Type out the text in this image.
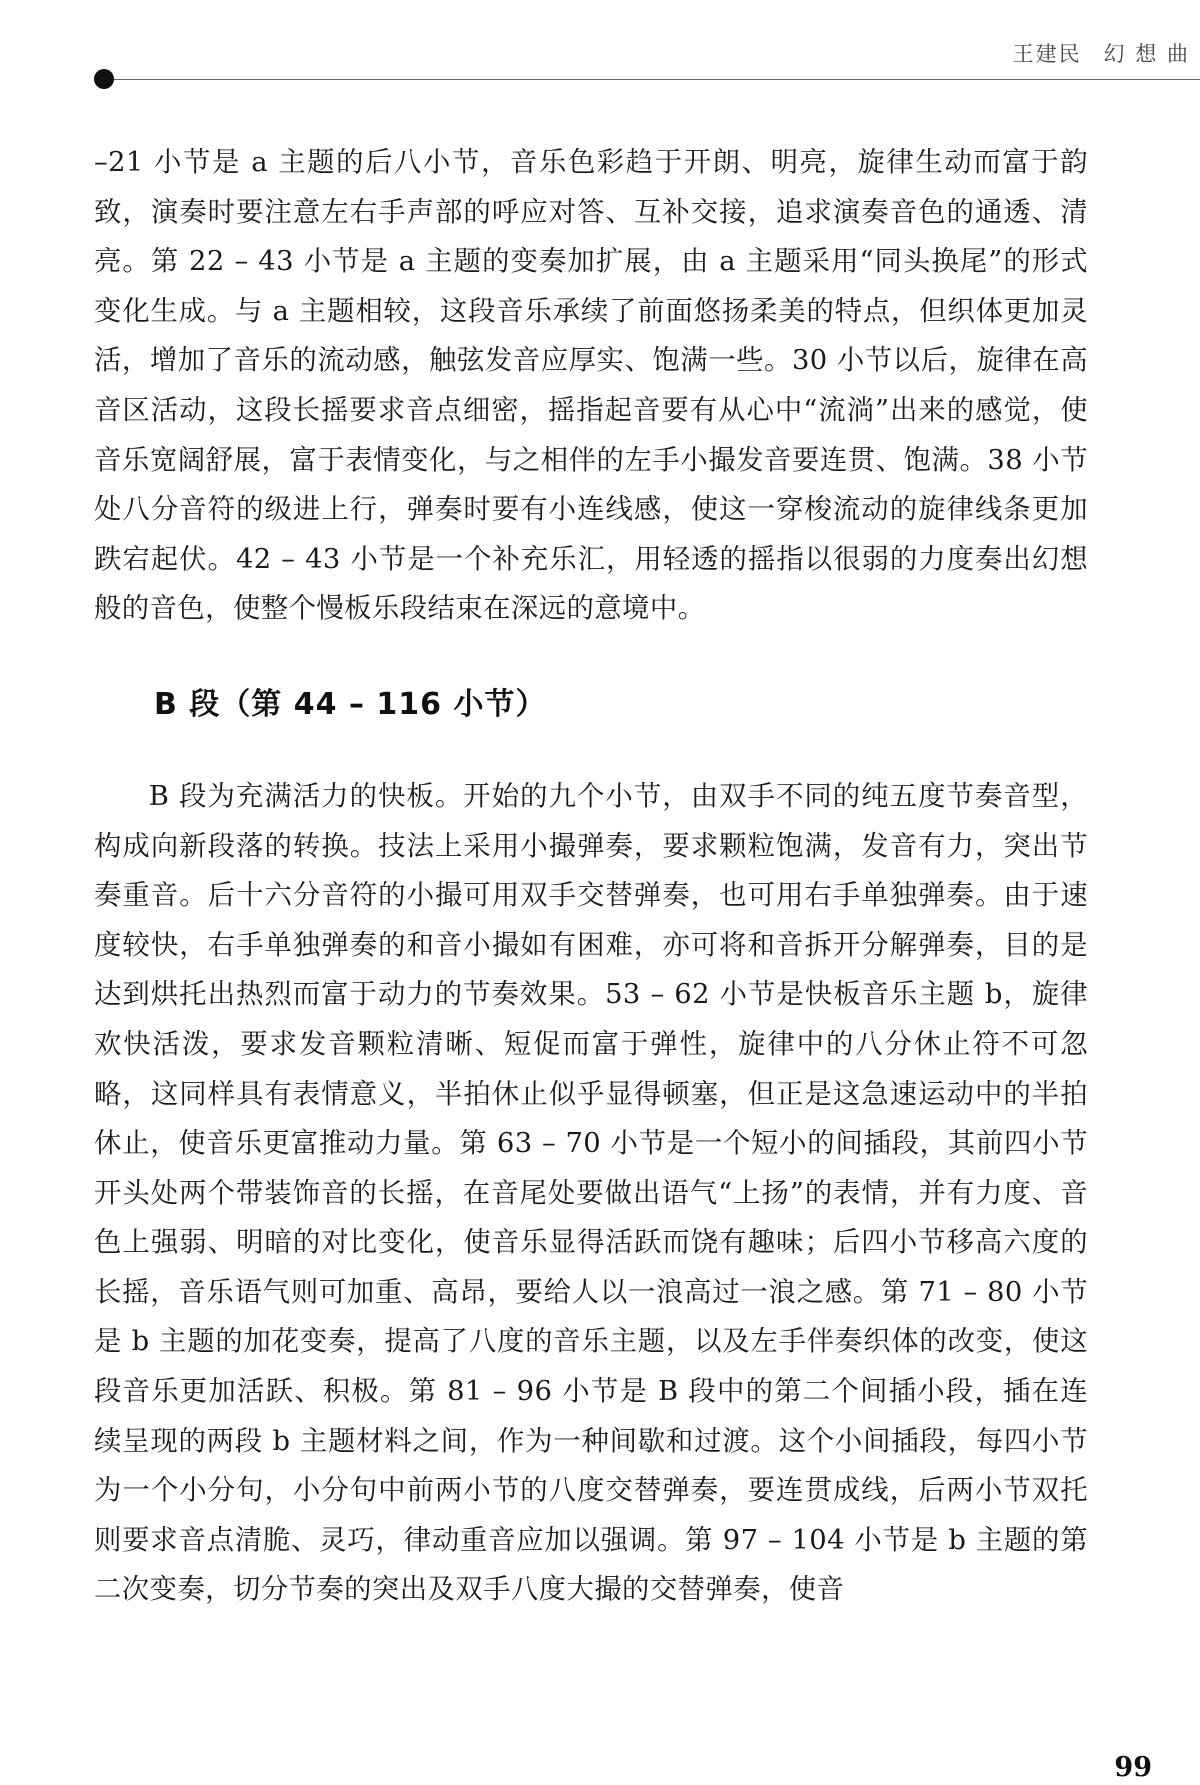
王建民 幻 想 曲

–21 小节是 a 主题的后八小节，音乐色彩趋于开朗、明亮，旋律生动而富于韵致，演奏时要注意左右手声部的呼应对答、互补交接，追求演奏音色的通透、清亮。第 22 – 43 小节是 a 主题的变奏加扩展，由 a 主题采用“同头换尾”的形式变化生成。与 a 主题相较，这段音乐承续了前面悠扬柔美的特点，但织体更加灵活，增加了音乐的流动感，触弦发音应厚实、饱满一些。30 小节以后，旋律在高音区活动，这段长摇要求音点细密，摇指起音要有从心中“流淌”出来的感觉，使音乐宽阔舒展，富于表情变化，与之相伴的左手小撮发音要连贯、饱满。38 小节处八分音符的级进上行，弹奏时要有小连线感，使这一穿梭流动的旋律线条更加跌宕起伏。42 – 43 小节是一个补充乐汇，用轻透的摇指以很弱的力度奏出幻想般的音色，使整个慢板乐段结束在深远的意境中。

B 段（第 44 – 116 小节）

B 段为充满活力的快板。开始的九个小节，由双手不同的纯五度节奏音型，构成向新段落的转换。技法上采用小撮弹奏，要求颗粒饱满，发音有力，突出节奏重音。后十六分音符的小撮可用双手交替弹奏，也可用右手单独弹奏。由于速度较快，右手单独弹奏的和音小撮如有困难，亦可将和音拆开分解弹奏，目的是达到烘托出热烈而富于动力的节奏效果。53 – 62 小节是快板音乐主题 b，旋律欢快活泼，要求发音颗粒清晰、短促而富于弹性，旋律中的八分休止符不可忽略，这同样具有表情意义，半拍休止似乎显得顿塞，但正是这急速运动中的半拍休止，使音乐更富推动力量。第 63 – 70 小节是一个短小的间插段，其前四小节开头处两个带装饰音的长摇，在音尾处要做出语气“上扬”的表情，并有力度、音色上强弱、明暗的对比变化，使音乐显得活跃而饶有趣味；后四小节移高六度的长摇，音乐语气则可加重、高昂，要给人以一浪高过一浪之感。第 71 – 80 小节是 b 主题的加花变奏，提高了八度的音乐主题，以及左手伴奏织体的改变，使这段音乐更加活跃、积极。第 81 – 96 小节是 B 段中的第二个间插小段，插在连续呈现的两段 b 主题材料之间，作为一种间歇和过渡。这个小间插段，每四小节为一个小分句，小分句中前两小节的八度交替弹奏，要连贯成线，后两小节双托则要求音点清脆、灵巧，律动重音应加以强调。第 97 – 104 小节是 b 主题的第二次变奏，切分节奏的突出及双手八度大撮的交替弹奏，使音

99
